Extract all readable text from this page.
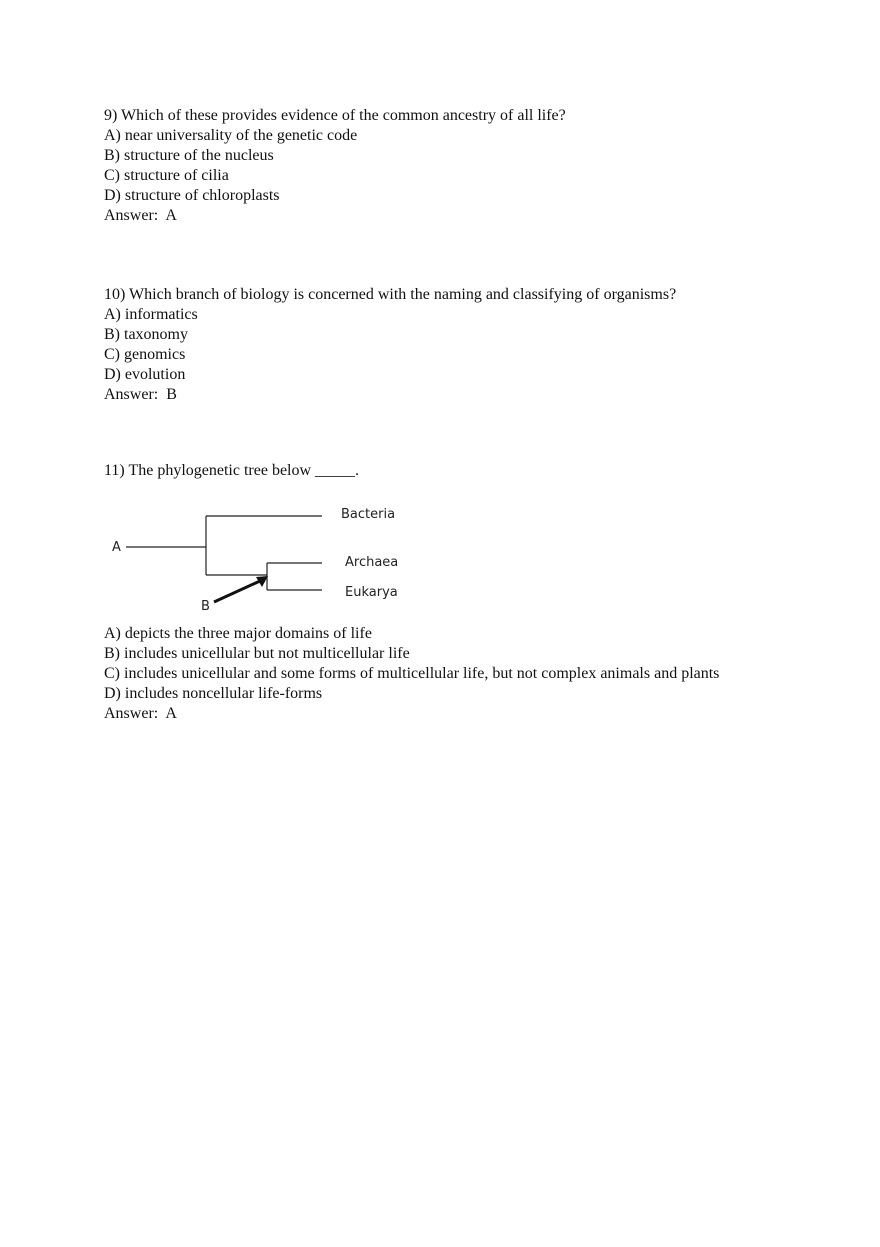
9) Which of these provides evidence of the common ancestry of all life?
A) near universality of the genetic code
B) structure of the nucleus
C) structure of cilia
D) structure of chloroplasts
Answer:  A
10) Which branch of biology is concerned with the naming and classifying of organisms?
A) informatics
B) taxonomy
C) genomics
D) evolution
Answer:  B
11) The phylogenetic tree below _____.
A
Bacteria
Archaea
Eukarya
B
A) depicts the three major domains of life
B) includes unicellular but not multicellular life
C) includes unicellular and some forms of multicellular life, but not complex animals and plants
D) includes noncellular life-forms
Answer:  A
